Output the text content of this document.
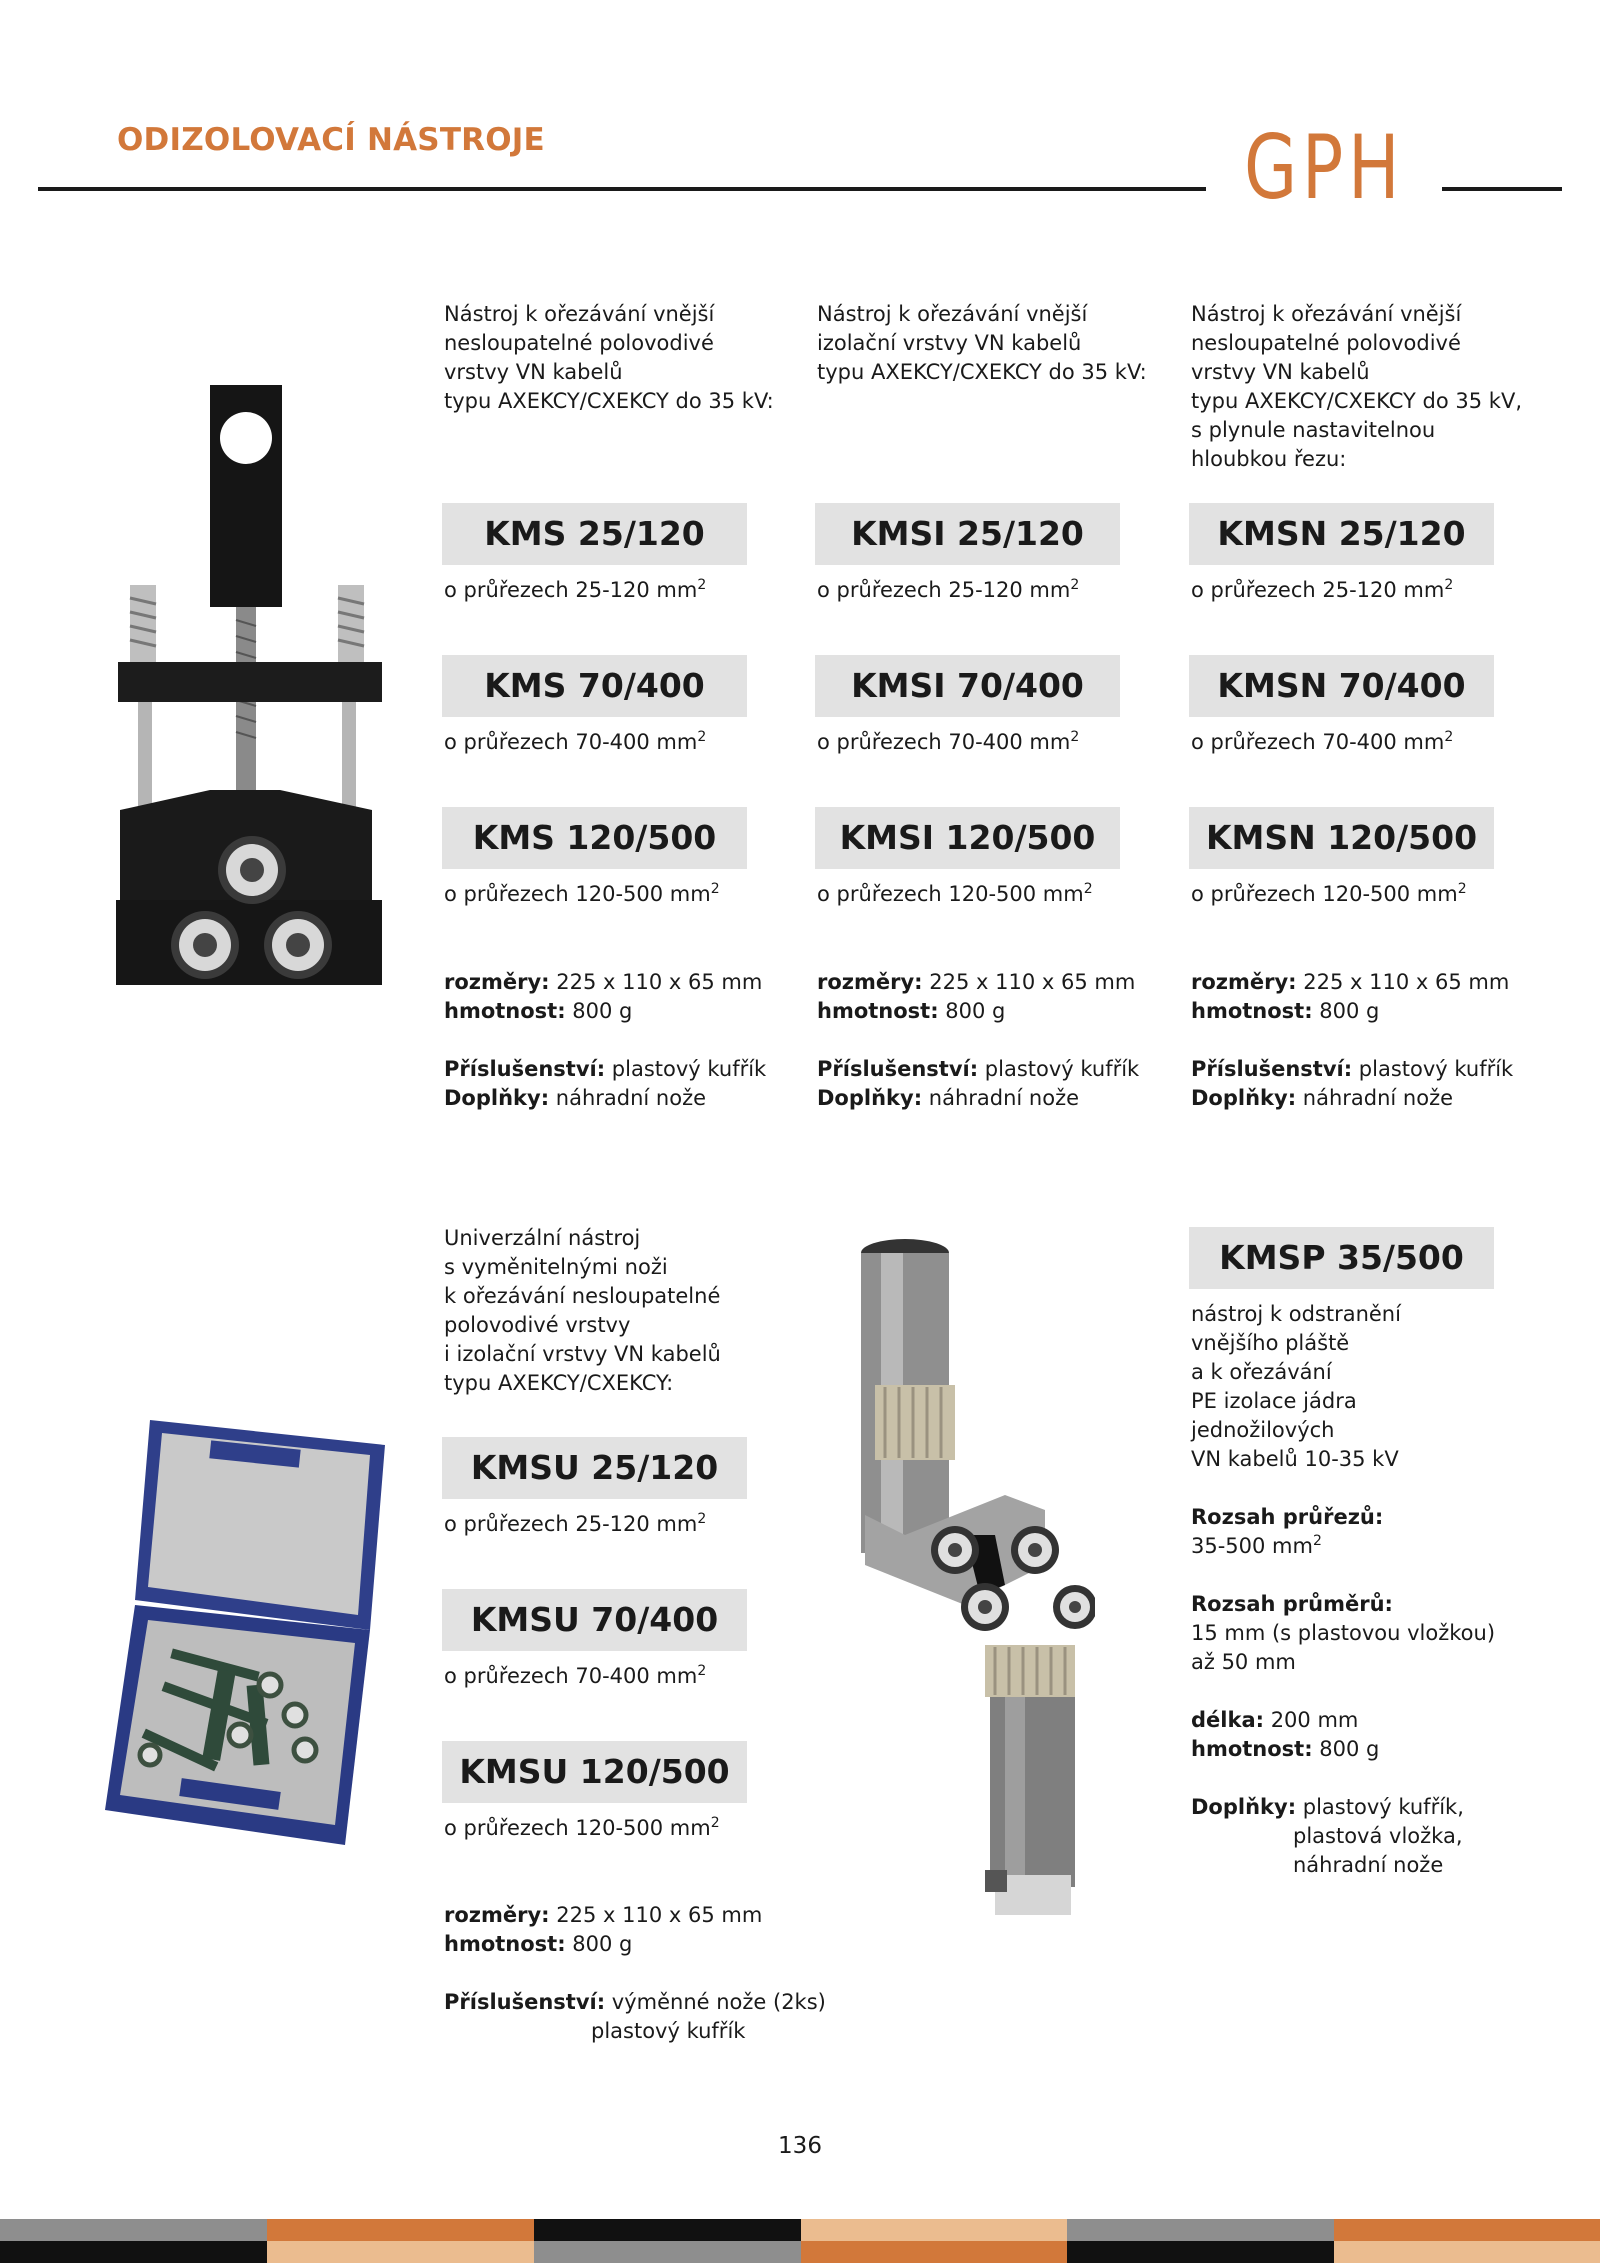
ODIZOLOVACÍ NÁSTROJE	GPH
Nástroj k ořezávání vnější
nesloupatelné polovodivé
vrstvy VN kabelů
typu AXEKCY/CXEKCY do 35 kV:
Nástroj k ořezávání vnější
izolační vrstvy VN kabelů
typu AXEKCY/CXEKCY do 35 kV:
Nástroj k ořezávání vnější
nesloupatelné polovodivé
vrstvy VN kabelů
typu AXEKCY/CXEKCY do 35 kV,
s plynule nastavitelnou
hloubkou řezu:
KMS 25/120
o průřezech 25-120 $mm^2$
KMS 70/400
o průřezech 70-400 $mm^2$
KMS 120/500
o průřezech 120-500 $mm^2$
KMSI 25/120
o průřezech 25-120 $mm^2$
KMSI 70/400
o průřezech 70-400 $mm^2$
KMSI 120/500
o průřezech 120-500 $mm^2$
KMSN 25/120
o průřezech 25-120 $mm^2$
KMSN 70/400
o průřezech 70-400 $mm^2$
KMSN 120/500
o průřezech 120-500 $mm^2$
rozměry: 225 x 110 x 65 mm
hmotnost: 800 g
Příslušenství: plastový kufřík
Doplňky: náhradní nože
rozměry: 225 x 110 x 65 mm
hmotnost: 800 g
Příslušenství: plastový kufřík
Doplňky: náhradní nože
rozměry: 225 x 110 x 65 mm
hmotnost: 800 g
Příslušenství: plastový kufřík
Doplňky: náhradní nože
Univerzální nástroj
s vyměnitelnými noži
k ořezávání nesloupatelné
polovodivé vrstvy
i izolační vrstvy VN kabelů
typu AXEKCY/CXEKCY:
KMSU 25/120
o průřezech 25-120 $mm^2$
KMSU 70/400
o průřezech 70-400 $mm^2$
KMSU 120/500
o průřezech 120-500 $mm^2$
rozměry: 225 x 110 x 65 mm
hmotnost: 800 g
Příslušenství: výměnné nože (2ks)
plastový kufřík
KMSP 35/500
nástroj k odstranění
vnějšího pláště
a k ořezávání
PE izolace jádra
jednožilových
VN kabelů 10-35 kV
Rozsah průřezů:
35-500 $mm^2$
Rozsah průměrů:
15 mm (s plastovou vložkou)
až 50 mm
délka: 200 mm
hmotnost: 800 g
Doplňky: plastový kufřík,
plastová vložka,
náhradní nože
136
